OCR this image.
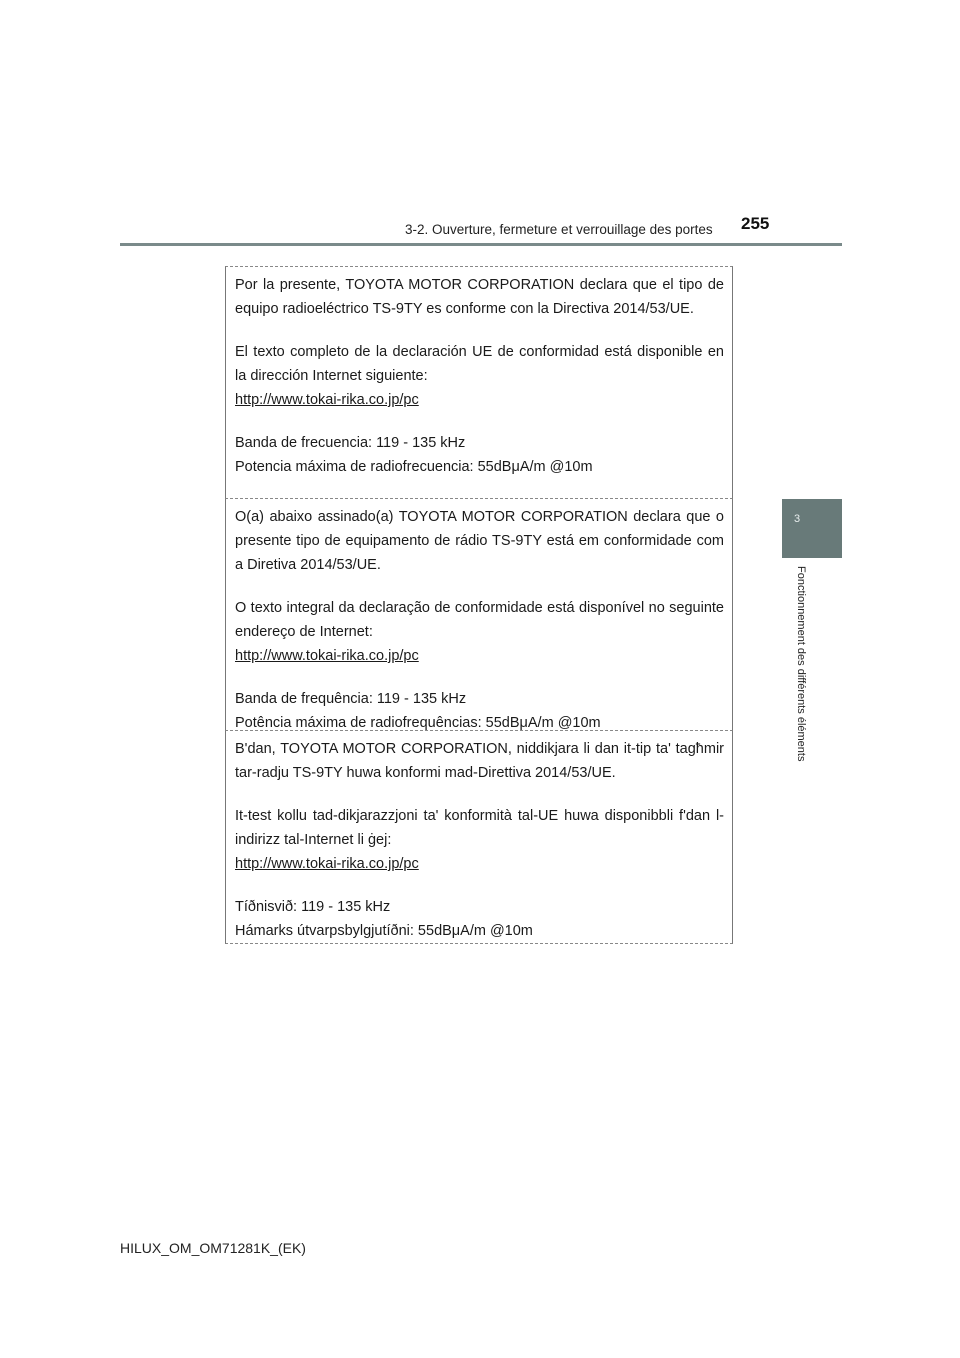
3-2. Ouverture, fermeture et verrouillage des portes 255
3
Fonctionnement des différents éléments

Por la presente, TOYOTA MOTOR CORPORATION declara que el tipo de equipo radioeléctrico TS-9TY es conforme con la Directiva 2014/53/UE.

El texto completo de la declaración UE de conformidad está disponible en la dirección Internet siguiente:

http://www.tokai-rika.co.jp/pc

Banda de frecuencia: 119 - 135 kHz

Potencia máxima de radiofrecuencia: 55dBμA/m @10m

O(a) abaixo assinado(a) TOYOTA MOTOR CORPORATION declara que o presente tipo de equipamento de rádio TS-9TY está em conformidade com a Diretiva 2014/53/UE.

O texto integral da declaração de conformidade está disponível no seguinte endereço de Internet:

http://www.tokai-rika.co.jp/pc

Banda de frequência: 119 - 135 kHz

Potência máxima de radiofrequências: 55dBμA/m @10m

B'dan, TOYOTA MOTOR CORPORATION, niddikjara li dan it-tip ta' tagħmir tar-radju TS-9TY huwa konformi mad-Direttiva 2014/53/UE.

It-test kollu tad-dikjarazzjoni ta' konformità tal-UE huwa disponibbli f'dan l-indirizz tal-Internet li ġej:

http://www.tokai-rika.co.jp/pc

Tíðnisvið: 119 - 135 kHz

Hámarks útvarpsbylgjutíðni: 55dBμA/m @10m

HILUX_OM_OM71281K_(EK)
